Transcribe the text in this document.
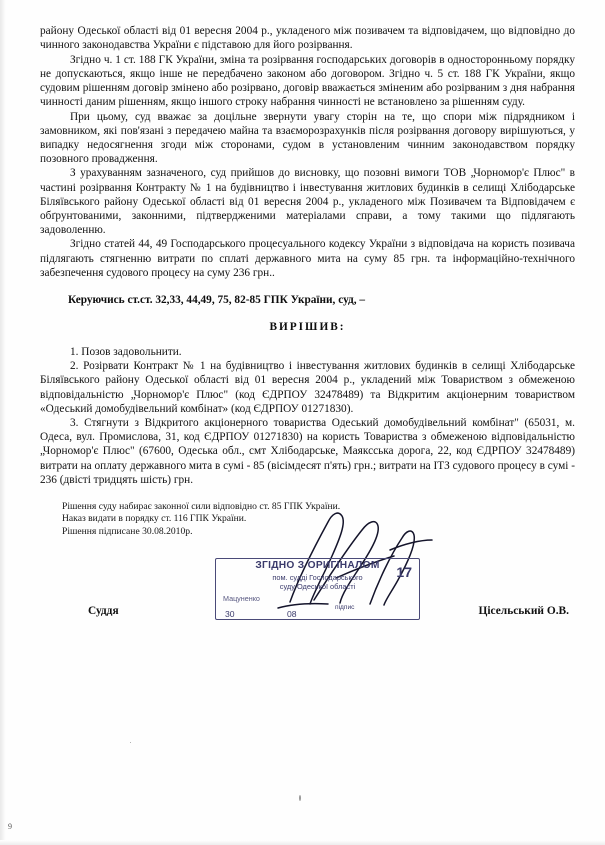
району Одеської області від 01 вересня 2004 р., укладеного між позивачем та відповідачем, що відповідно до чинного законодавства України є підставою для його розірвання.

Згідно ч. 1 ст. 188 ГК України, зміна та розірвання господарських договорів в односторонньому порядку не допускаються, якщо інше не передбачено законом або договором. Згідно ч. 5 ст. 188 ГК України, якщо судовим рішенням договір змінено або розірвано, договір вважається зміненим або розірваним з дня набрання чинності даним рішенням, якщо іншого строку набрання чинності не встановлено за рішенням суду.

При цьому, суд вважає за доцільне звернути увагу сторін на те, що спори між підрядником і замовником, які пов'язані з передачею майна та взаєморозрахунків після розірвання договору вирішуються, у випадку недосягнення згоди між сторонами, судом в установленим чинним законодавством порядку позовного провадження.

З урахуванням зазначеного, суд прийшов до висновку, що позовні вимоги ТОВ „Чорномор'є Плюс" в частині розірвання Контракту № 1 на будівництво і інвестування житлових будинків в селищі Хлібодарське Біляївського району Одеської області від 01 вересня 2004 р., укладеного між Позивачем та Відповідачем є обґрунтованими, законними, підтвердженими матеріалами справи, а тому такими що підлягають задоволенню.

Згідно статей 44, 49 Господарського процесуального кодексу України з відповідача на користь позивача підлягають стягненню витрати по сплаті державного мита на суму 85 грн. та інформаційно-технічного забезпечення судового процесу на суму 236 грн..

Керуючись ст.ст. 32,33, 44,49, 75, 82-85 ГПК України, суд, –
ВИРІШИВ:
1. Позов задовольнити.
2. Розірвати Контракт № 1 на будівництво і інвестування житлових будинків в селищі Хлібодарське Біляївського району Одеської області від 01 вересня 2004 р., укладений між Товариством з обмеженою відповідальністю „Чорномор'є Плюс" (код ЄДРПОУ 32478489) та Відкритим акціонерним товариством «Одеський домобудівельний комбінат» (код ЄДРПОУ 01271830).
3. Стягнути з Відкритого акціонерного товариства Одеський домобудівельний комбінат" (65031, м. Одеса, вул. Промислова, 31, код ЄДРПОУ 01271830) на користь Товариства з обмеженою відповідальністю „Чорномор'є Плюс" (67600, Одеська обл., смт Хлібодарське, Маяксська дорога, 22, код ЄДРПОУ 32478489) витрати на оплату державного мита в сумі - 85 (вісімдесят п'ять) грн.; витрати на ІТЗ судового процесу в сумі - 236 (двісті тридцять шість) грн.
Рішення суду набирає законної сили відповідно ст. 85 ГПК України.
Наказ видати в порядку ст. 116 ГПК України.
Рішення підписане 30.08.2010р.
ЗГІДНО З ОРИГІНАЛОМ
пом. судді Господарського
суду Одеської області
Мацуненко
30	08
підпис
17
Суддя	Цісельський О.В.
9
